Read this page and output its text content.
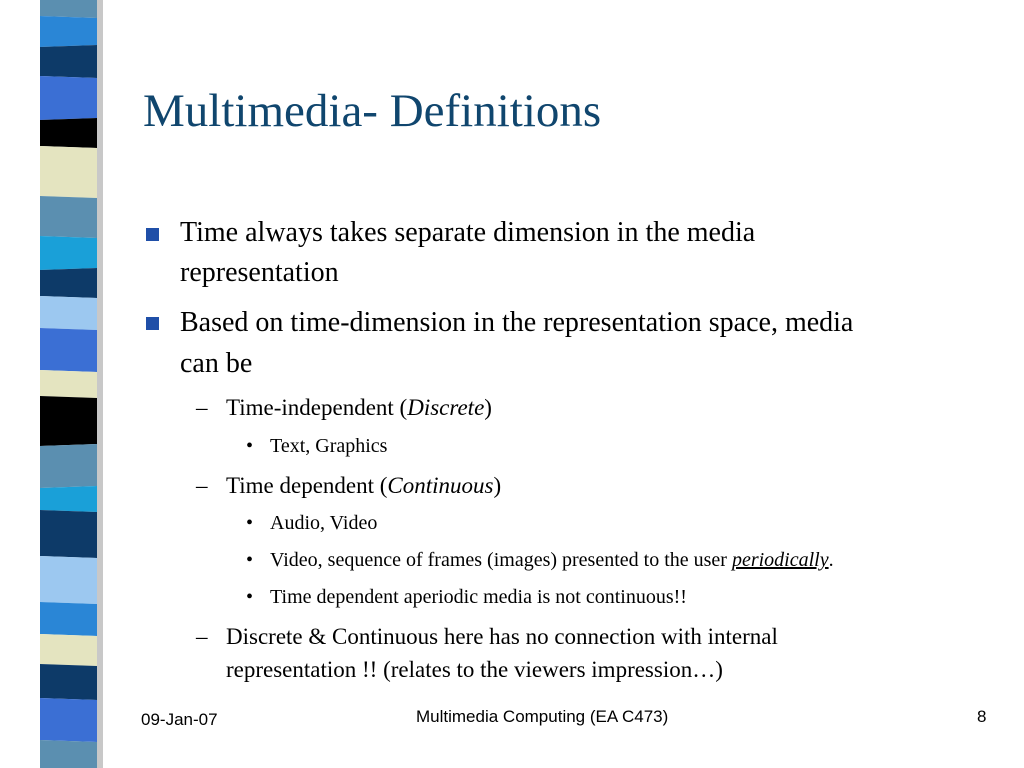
Multimedia- Definitions
Time always takes separate dimension in the media
representation
Based on time-dimension in the representation space, media
can be
– Time-independent (Discrete)
• Text, Graphics
– Time dependent (Continuous)
• Audio, Video
• Video, sequence of frames (images) presented to the user periodically.
• Time dependent aperiodic media is not continuous!!
– Discrete & Continuous here has no connection with internal
representation !! (relates to the viewers impression…)
09-Jan-07	Multimedia Computing (EA C473)	8
